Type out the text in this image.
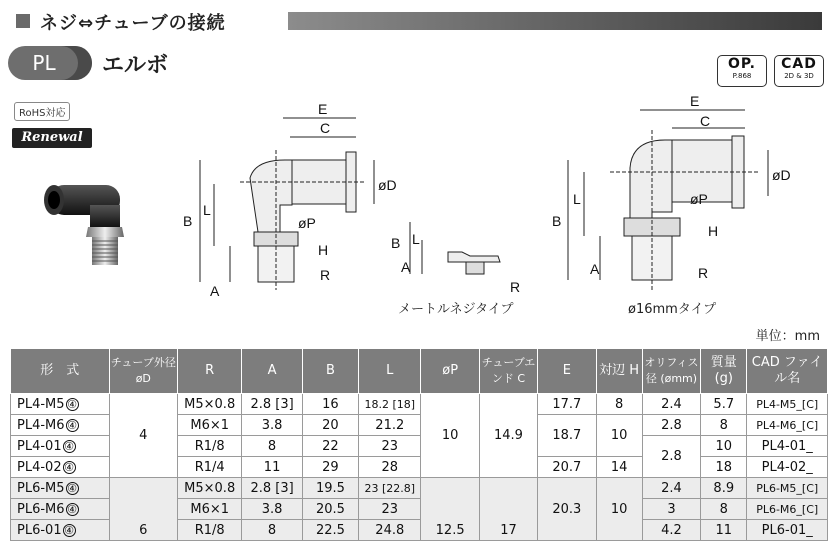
ネジ⇔チューブの接続
PL	エルボ	OP.
P.868
CAD
2D & 3D
RoHS対応
Renewal
E
C
B
L
A
H
R
øD
øP
B L
A
R
E
C
B
L
A
H
R
øD
øP
メートルネジタイプ	ø16mmタイプ
単位：mm
形　式	チューブ外径 øD	R	A	B	L	øP	チューブエンド C	E	対辺 H	オリフィス径 (ømm)	質量 (g)	CAD ファイル名
PL4-M5 ④	4	M5×0.8	2.8 [3]	16	18.2 [18]	10	14.9	17.7	8	2.4	5.7	PL4-M5_[C]
PL4-M6 ④		M6×1	3.8	20	21.2			18.7	10	2.8	8	PL4-M6_[C]
PL4-01 ④		R1/8	8	22	23					2.8	10	PL4-01_
PL4-02 ④		R1/4	11	29	28			20.7	14		18	PL4-02_
PL6-M5 ④	6	M5×0.8	2.8 [3]	19.5	23 [22.8]	12.5	17	20.3	10	2.4	8.9	PL6-M5_[C]
PL6-M6 ④		M6×1	3.8	20.5	23					3	8	PL6-M6_[C]
PL6-01 ④		R1/8	8	22.5	24.8					4.2	11	PL6-01_
